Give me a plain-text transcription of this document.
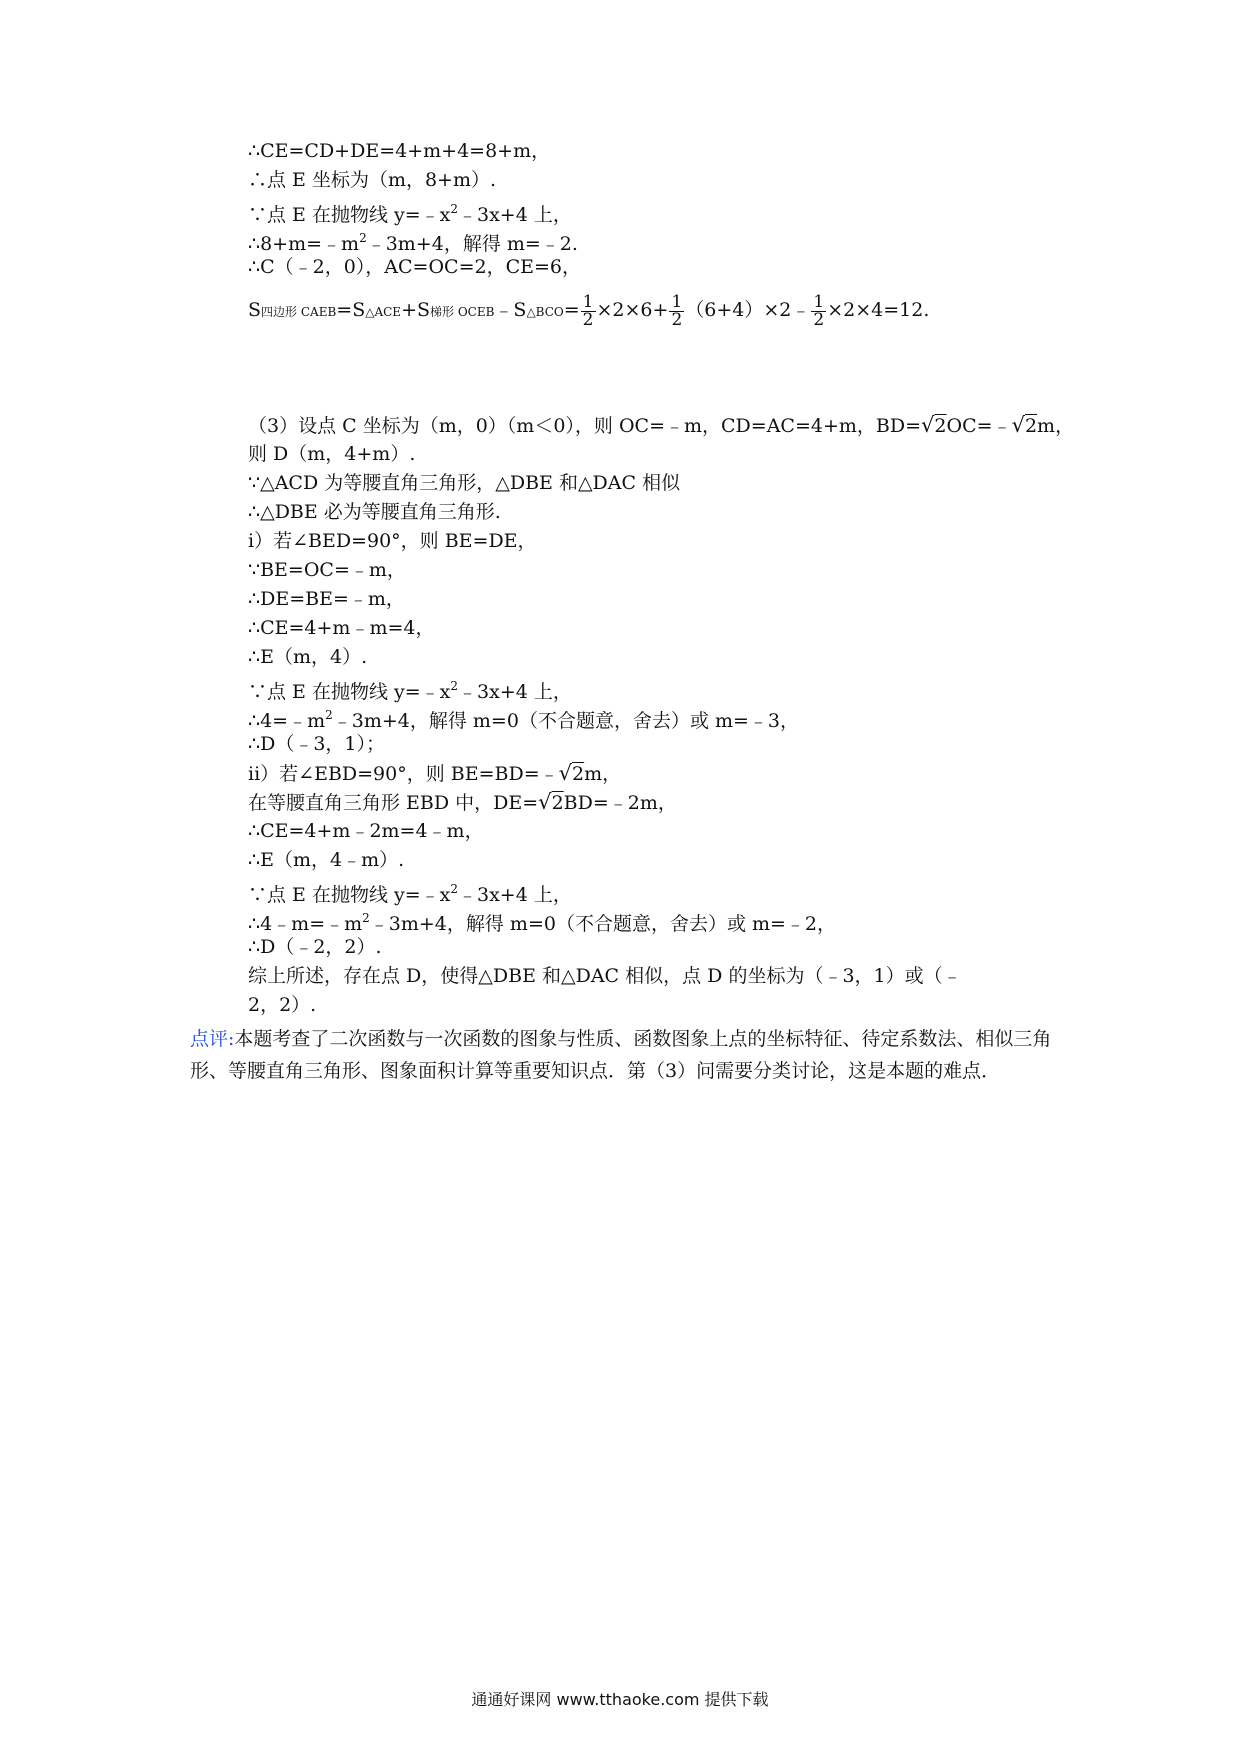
∴CE=CD+DE=4+m+4=8+m，
∴点 E 坐标为（m，8+m）.
∵点 E 在抛物线 $y=﹣x^2﹣3x+4$ 上，
$\therefore 8+m=﹣m^2﹣3m+4$，解得 m=﹣2.
∴C（﹣2，0），AC=OC=2，CE=6，
S四边形 CAEB=S△ACE+S梯形 OCEB﹣S△BCO= $\frac{1}{2} \times 2\times 6+ \frac{1}{2}$ （6+4）×2﹣ $\frac{1}{2} \times 2\times 4=12$.
（3）设点 C 坐标为（m，0）（m＜0），则 OC=﹣m，CD=AC=4+m，BD=√2OC=﹣√2m，
则 D（m，4+m）.
∵△ACD 为等腰直角三角形，△DBE 和△DAC 相似
∴△DBE 必为等腰直角三角形.
i）若∠BED=90°，则 BE=DE，
∵BE=OC=﹣m，
∴DE=BE=﹣m，
∴CE=4+m﹣m=4，
∴E（m，4）.
∵点 E 在抛物线 $y=﹣x^2﹣3x+4$ 上，
$\therefore 4=﹣m^2﹣3m+4$，解得 m=0（不合题意，舍去）或 m=﹣3，
∴D（﹣3，1）；
ii）若∠EBD=90°，则 BE=BD=﹣√2m，
在等腰直角三角形 EBD 中，DE=√2BD=﹣2m，
∴CE=4+m﹣2m=4﹣m，
∴E（m，4﹣m）.
∵点 E 在抛物线 $y=﹣x^2﹣3x+4$ 上，
$\therefore 4﹣m=﹣m^2﹣3m+4$，解得 m=0（不合题意，舍去）或 m=﹣2，
∴D（﹣2，2）.
综上所述，存在点 D，使得△DBE 和△DAC 相似，点 D 的坐标为（﹣3，1）或（﹣
2，2）.
点评:本题考查了二次函数与一次函数的图象与性质、函数图象上点的坐标特征、待定系数法、相似三角形、等腰直角三角形、图象面积计算等重要知识点．第（3）问需要分类讨论，这是本题的难点．
通通好课网 www.tthaoke.com 提供下载
